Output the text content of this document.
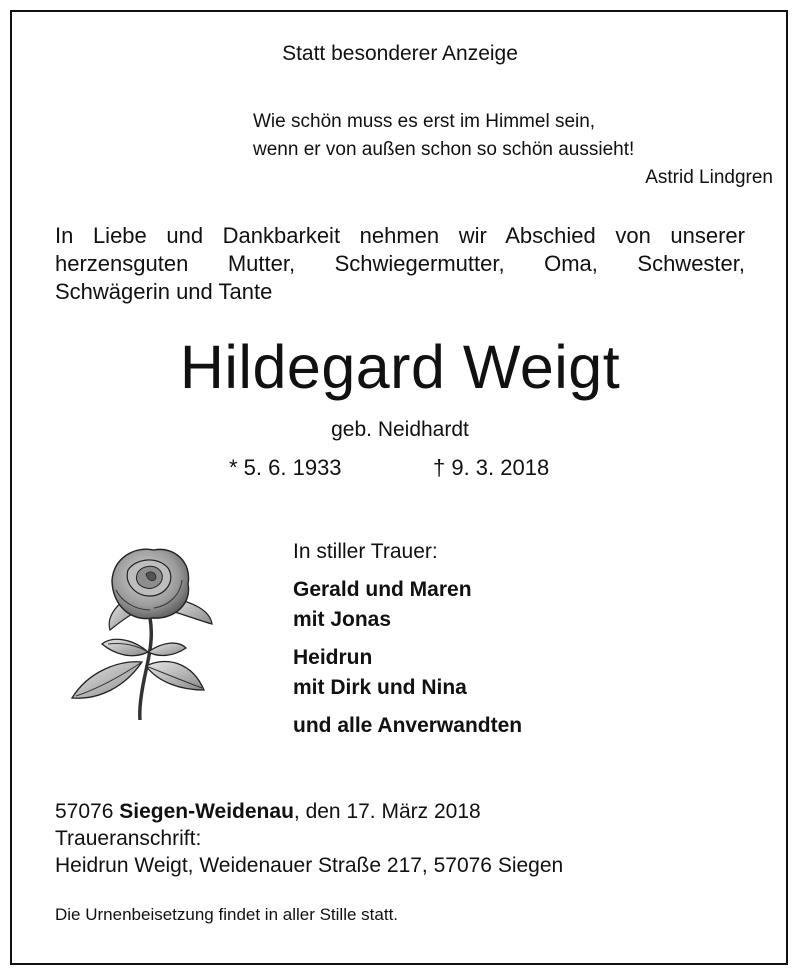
Statt besonderer Anzeige
Wie schön muss es erst im Himmel sein,
wenn er von außen schon so schön aussieht!
Astrid Lindgren
In Liebe und Dankbarkeit nehmen wir Abschied von unserer
herzensguten Mutter, Schwiegermutter, Oma, Schwester,
Schwägerin und Tante
Hildegard Weigt
geb. Neidhardt
* 5. 6. 1933	† 9. 3. 2018
In stiller Trauer:
Gerald und Maren
mit Jonas
Heidrun
mit Dirk und Nina
und alle Anverwandten
57076 Siegen-Weidenau, den 17. März 2018
Traueranschrift:
Heidrun Weigt, Weidenauer Straße 217, 57076 Siegen
Die Urnenbeisetzung findet in aller Stille statt.
